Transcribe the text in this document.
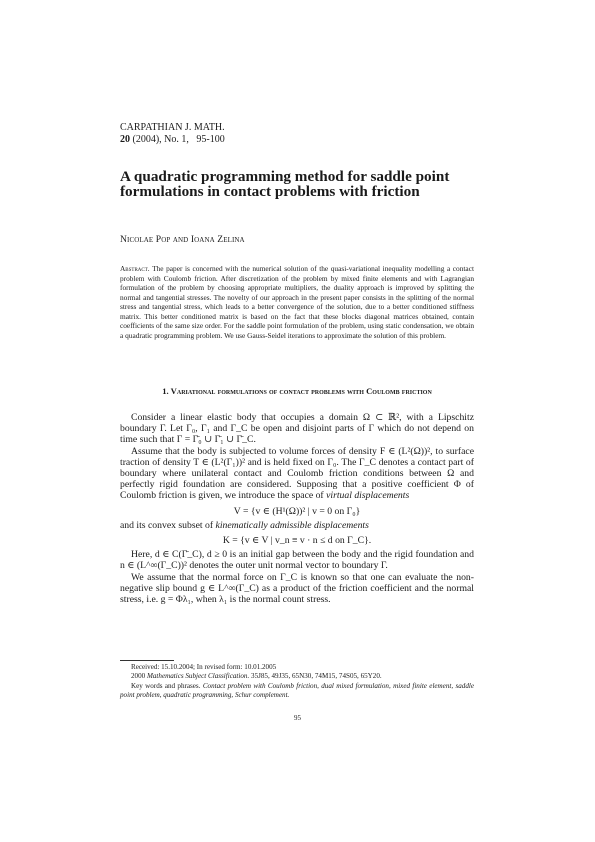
CARPATHIAN J. MATH.
20 (2004), No. 1, 95-100
A quadratic programming method for saddle point formulations in contact problems with friction
Nicolae Pop and Ioana Zelina

Abstract. The paper is concerned with the numerical solution of the quasi-variational inequality modelling a contact problem with Coulomb friction. After discretization of the problem by mixed finite elements and with Lagrangian formulation of the problem by choosing appropriate multipliers, the duality approach is improved by splitting the normal and tangential stresses. The novelty of our approach in the present paper consists in the splitting of the normal stress and tangential stress, which leads to a better convergence of the solution, due to a better conditioned stiffness matrix. This better conditioned matrix is based on the fact that these blocks diagonal matrices obtained, contain coefficients of the same size order. For the saddle point formulation of the problem, using static condensation, we obtain a quadratic programming problem. We use Gauss-Seidel iterations to approximate the solution of this problem.

1. Variational formulations of contact problems with Coulomb friction

Consider a linear elastic body that occupies a domain Ω ⊂ ℝ², with a Lipschitz boundary Γ. Let Γ₀, Γ₁ and Γ_C be open and disjoint parts of Γ which do not depend on time such that Γ = Γ̄₀ ∪ Γ̄₁ ∪ Γ̄_C.

Assume that the body is subjected to volume forces of density F ∈ (L²(Ω))², to surface traction of density T ∈ (L²(Γ₁))² and is held fixed on Γ₀. The Γ_C denotes a contact part of boundary where unilateral contact and Coulomb friction conditions between Ω and perfectly rigid foundation are considered. Supposing that a positive coefficient Φ of Coulomb friction is given, we introduce the space of virtual displacements

V = {v ∈ (H¹(Ω))² | v = 0 on Γ₀}

and its convex subset of kinematically admissible displacements

K = {v ∈ V | v_n ≡ v · n ≤ d on Γ_C}.

Here, d ∈ C(Γ̄_C), d ≥ 0 is an initial gap between the body and the rigid foundation and n ∈ (L^∞(Γ_C))² denotes the outer unit normal vector to boundary Γ.

We assume that the normal force on Γ_C is known so that one can evaluate the non-negative slip bound g ∈ L^∞(Γ_C) as a product of the friction coefficient and the normal stress, i.e. g = Φλ₁, when λ₁ is the normal count stress.

Received: 15.10.2004; In revised form: 10.01.2005

2000 Mathematics Subject Classification. 35J85, 49J35, 65N30, 74M15, 74S05, 65Y20.

Key words and phrases. Contact problem with Coulomb friction, dual mixed formulation, mixed finite element, saddle point problem, quadratic programming, Schur complement.

95
